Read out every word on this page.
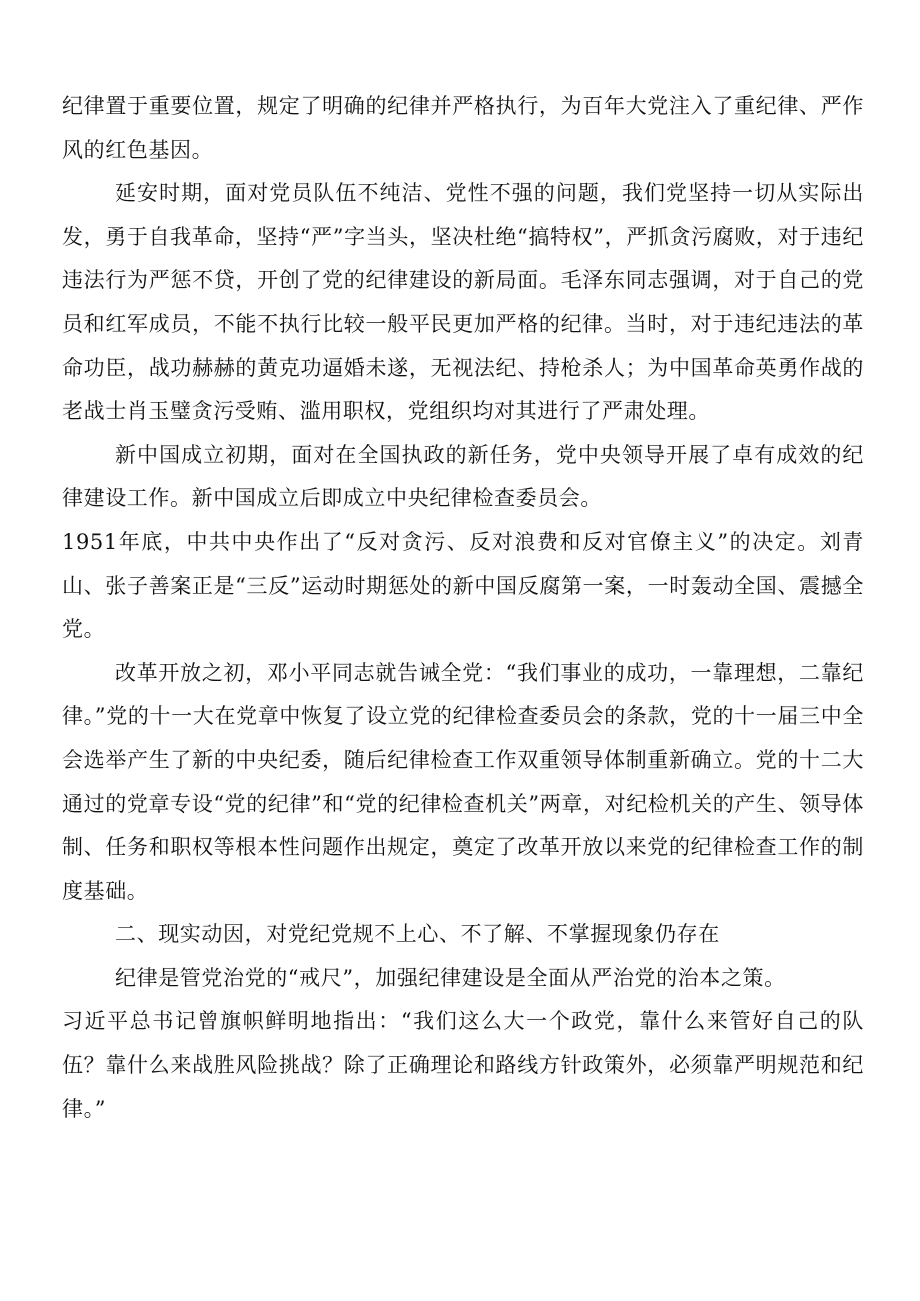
纪律置于重要位置，规定了明确的纪律并严格执行，为百年大党注入了重纪律、严作风的红色基因。

延安时期，面对党员队伍不纯洁、党性不强的问题，我们党坚持一切从实际出发，勇于自我革命，坚持“严”字当头，坚决杜绝“搞特权”，严抓贪污腐败，对于违纪违法行为严惩不贷，开创了党的纪律建设的新局面。毛泽东同志强调，对于自己的党员和红军成员，不能不执行比较一般平民更加严格的纪律。当时，对于违纪违法的革命功臣，战功赫赫的黄克功逼婚未遂，无视法纪、持枪杀人；为中国革命英勇作战的老战士肖玉璧贪污受贿、滥用职权，党组织均对其进行了严肃处理。

新中国成立初期，面对在全国执政的新任务，党中央领导开展了卓有成效的纪律建设工作。新中国成立后即成立中央纪律检查委员会。

1951年底，中共中央作出了“反对贪污、反对浪费和反对官僚主义”的决定。刘青山、张子善案正是“三反”运动时期惩处的新中国反腐第一案，一时轰动全国、震撼全党。

改革开放之初，邓小平同志就告诫全党：“我们事业的成功，一靠理想，二靠纪律。”党的十一大在党章中恢复了设立党的纪律检查委员会的条款，党的十一届三中全会选举产生了新的中央纪委，随后纪律检查工作双重领导体制重新确立。党的十二大通过的党章专设“党的纪律”和“党的纪律检查机关”两章，对纪检机关的产生、领导体制、任务和职权等根本性问题作出规定，奠定了改革开放以来党的纪律检查工作的制度基础。

二、现实动因，对党纪党规不上心、不了解、不掌握现象仍存在

纪律是管党治党的“戒尺”，加强纪律建设是全面从严治党的治本之策。

习近平总书记曾旗帜鲜明地指出：“我们这么大一个政党，靠什么来管好自己的队伍？靠什么来战胜风险挑战？除了正确理论和路线方针政策外，必须靠严明规范和纪律。”
